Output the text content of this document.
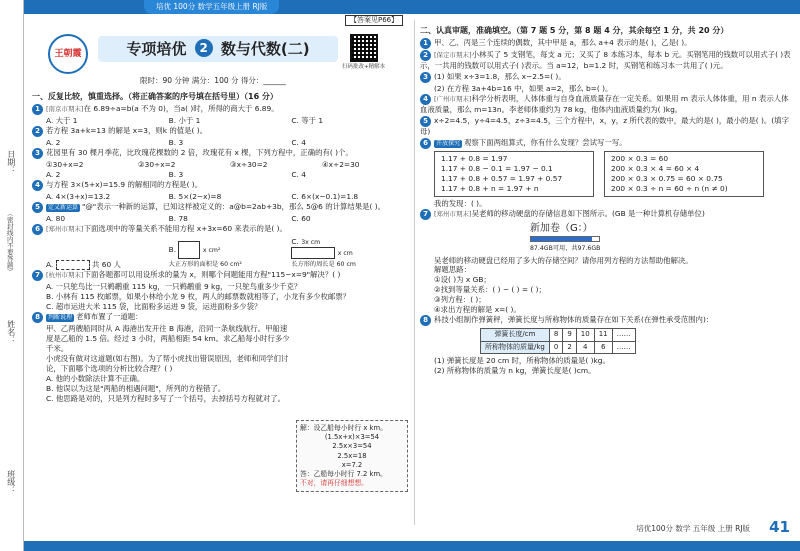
日期：
姓名：
班级：
（密封线内不要答题）
培优 100分 数学五年级上册 RJ版
【答案见P66】
王朝霞	专项培优 2 数与代数(二)
扫码批改+精解本
限时：90 分钟 满分：100 分 得分：______
一、反复比较，慎重选择。（将正确答案的序号填在括号里）（16 分）
1 [南京市期末]在 6.89÷a=b(a 不为 0)，当a( )时，所得的商大于 6.89。
A. 大于 1	B. 小于 1	C. 等于 1
2 若方程 3a+k=13 的解是 x=3，则k 的值是( )。
A. 2	B. 3	C. 4
3 花园里有 30 棵月季花，比玫瑰花棵数的 2 倍，玫瑰花有 x 棵，下列方程中，正确的有( )个。
①30+x=2	②30÷x=2	③x÷30=2	④x÷2=30
A. 2	B. 3	C. 4
4 与方程 3×(5+x)=15.9 的解相同的方程是( )。
A. 4×(3+x)=13.2	B. 5×(2−x)=8	C. 6×(x−0.1)=1.8
5 定义新运算 "@"表示一种新的运算，已知这样被定义的：a@b=2ab+3b，那么 5@6 的计算结果是( )。
A. 80	B. 78	C. 60
6 [郑州市期末]下面选项中的等量关系不能用方程 x+3x=60 来表示的是( )。
A.	共 60 人
B.	x cm²
大正方形的面积是 60 cm²
C. 3x cm
x cm
长方形的周长是 60 cm
7 [杭州市期末]下面各题都可以用设所求的量为 x，则哪个问题能用方程"115−x=9"解决？( )
A. 一只鸵鸟比一只鹈鹕重 115 kg，一只鹈鹕重 9 kg，一只鸵鸟重多少千克？
B. 小林有 115 枚邮票，如果小林给小龙 9 枚，两人的邮票数就相等了，小龙有多少枚邮票？
C. 超市运进大米 115 袋，比面粉多运进 9 袋，运进面粉多少袋？
8 判断说理 老师布置了一道题：
甲、乙两艘船同时从 A 海港出发开往 B 海港，沿同一条航线航行。甲船速度是乙船的 1.5 倍。经过 3 小时，两船相距 54 km。求乙船每小时行多少千米。
小虎没有做对这道题(如右图)。为了帮小虎找出错误原因，老师和同学们讨论，下面哪个选项的分析比较合理？( )
A. 他的小数除法计算不正确。
B. 他误以为这是"两船的相遇问题"，所列的方程错了。
C. 他思路是对的，只是列方程时多写了一个括号，去掉括号方程就对了。
解：设乙船每小时行 x km。
(1.5x+x)×3=54
2.5x×3=54
2.5x=18
x=7.2
答：乙船每小时行 7.2 km。
不对，请再仔细想想。
二、认真审题，准确填空。（第 7 题 5 分，第 8 题 4 分，其余每空 1 分，共 20 分）
1 甲、乙、丙是三个连续的偶数，其中甲是 a，那么 a+4 表示的是( )，乙是( )。
2 [保定市期末]小林买了 5 支钢笔，每支 a 元；又买了 8 本练习本，每本 b 元。买钢笔用的钱数可以用式子( )表示，一共用的钱数可以用式子( )表示。当 a=12，b=1.2 时，买钢笔和练习本一共用了( )元。
3 (1) 如果 x÷3=1.8，那么 x−2.5=( )。
(2) 在方程 3a+4b=16 中，如果 a=2，那么 b=( )。
4 [广州市期末]科学分析表明，人体体重与自身血液质量存在一定关系。如果用 m 表示人体体重，用 n 表示人体血液质量，那么 m=13n。李老师体重约为 78 kg，他体内血液质量约为( )kg。
5 x÷2=4.5，y÷4=4.5，z÷3=4.5，三个方程中，x，y，z 所代表的数中，最大的是( )，最小的是( )。(填字母)
6 开放探究 观察下面两组算式，你有什么发现？尝试写一写。
1.17 + 0.8 = 1.97
1.17 + 0.8 − 0.1 = 1.97 − 0.1
1.17 + 0.8 + 0.57 = 1.97 + 0.57
1.17 + 0.8 + n = 1.97 + n
200 × 0.3 = 60
200 × 0.3 × 4 = 60 × 4
200 × 0.3 × 0.75 = 60 × 0.75
200 × 0.3 ÷ n = 60 ÷ n (n ≠ 0)
我的发现：( )。
7 [郑州市期末]吴老师的移动硬盘的存储信息如下图所示。(GB 是一种计算机存储单位)
新加卷（G：）
87.4GB可用，共97.6GB
吴老师的移动硬盘已经用了多大的存储空间？请你用列方程的方法帮助他解决。
解题思路：
①设( )为 x GB；
②找到等量关系：( ) − ( ) = ( )；
③列方程：( )；
④求出方程的解是 x=( )。
8 科技小组制作弹簧秤，弹簧长度与所称物体的质量存在如下关系(在弹性承受范围内)：
弹簧长度/cm	8	9	10	11	……
所称物体的质量/kg	0	2	4	6	……
(1) 弹簧长度是 20 cm 时，所称物体的质量是( )kg。
(2) 所称物体的质量为 n kg，弹簧长度是( )cm。
培优100分 数学 五年级 上册 RJ版 41
